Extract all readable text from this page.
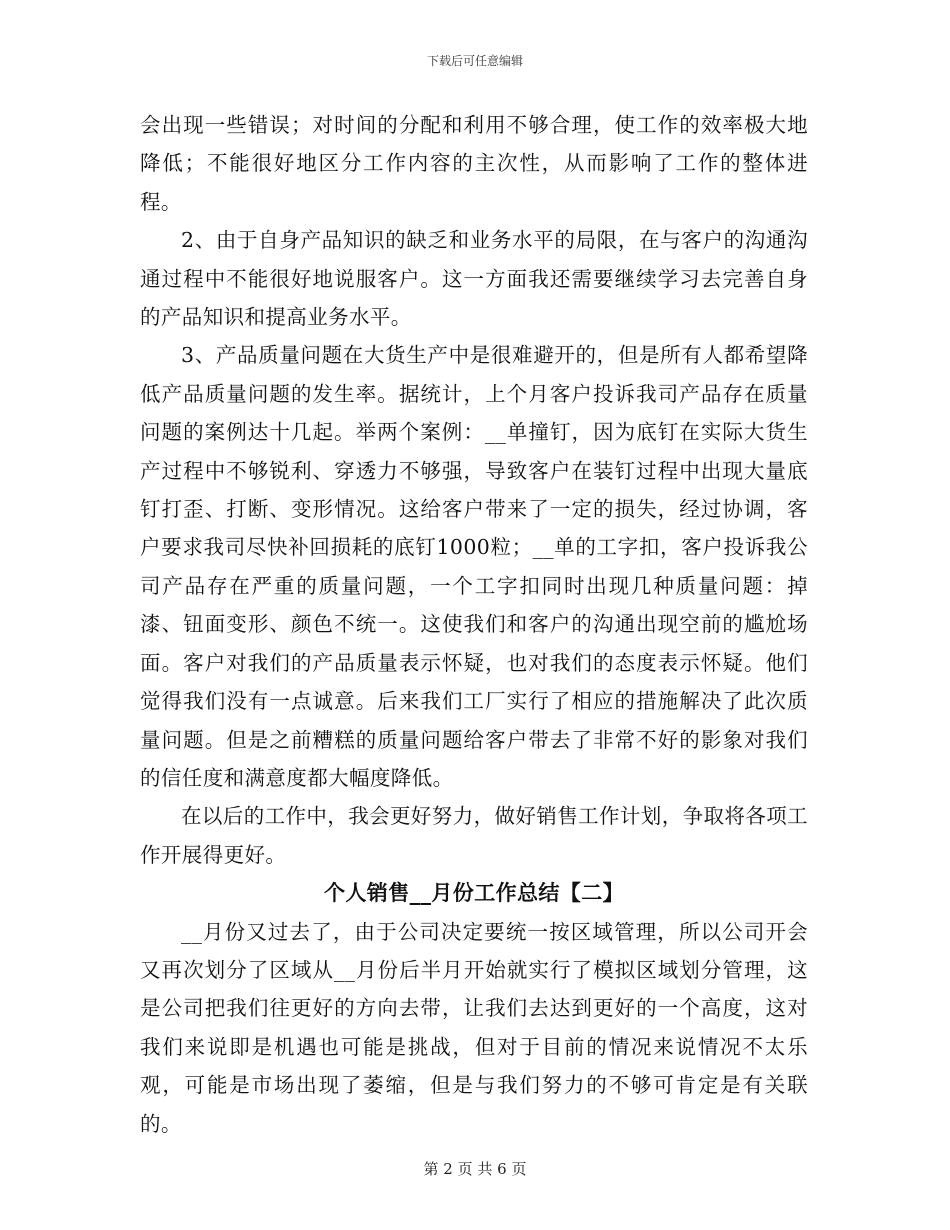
下载后可任意编辑

会出现一些错误；对时间的分配和利用不够合理，使工作的效率极大地降低；不能很好地区分工作内容的主次性，从而影响了工作的整体进程。

2、由于自身产品知识的缺乏和业务水平的局限，在与客户的沟通沟通过程中不能很好地说服客户。这一方面我还需要继续学习去完善自身的产品知识和提高业务水平。

3、产品质量问题在大货生产中是很难避开的，但是所有人都希望降低产品质量问题的发生率。据统计，上个月客户投诉我司产品存在质量问题的案例达十几起。举两个案例：__单撞钉，因为底钉在实际大货生产过程中不够锐利、穿透力不够强，导致客户在装钉过程中出现大量底钉打歪、打断、变形情况。这给客户带来了一定的损失，经过协调，客户要求我司尽快补回损耗的底钉1000粒；__单的工字扣，客户投诉我公司产品存在严重的质量问题，一个工字扣同时出现几种质量问题：掉漆、钮面变形、颜色不统一。这使我们和客户的沟通出现空前的尴尬场面。客户对我们的产品质量表示怀疑，也对我们的态度表示怀疑。他们觉得我们没有一点诚意。后来我们工厂实行了相应的措施解决了此次质量问题。但是之前糟糕的质量问题给客户带去了非常不好的影象对我们的信任度和满意度都大幅度降低。

在以后的工作中，我会更好努力，做好销售工作计划，争取将各项工作开展得更好。

个人销售__月份工作总结【二】

__月份又过去了，由于公司决定要统一按区域管理，所以公司开会又再次划分了区域从__月份后半月开始就实行了模拟区域划分管理，这是公司把我们往更好的方向去带，让我们去达到更好的一个高度，这对我们来说即是机遇也可能是挑战，但对于目前的情况来说情况不太乐观，可能是市场出现了萎缩，但是与我们努力的不够可肯定是有关联的。

第 2 页 共 6 页
